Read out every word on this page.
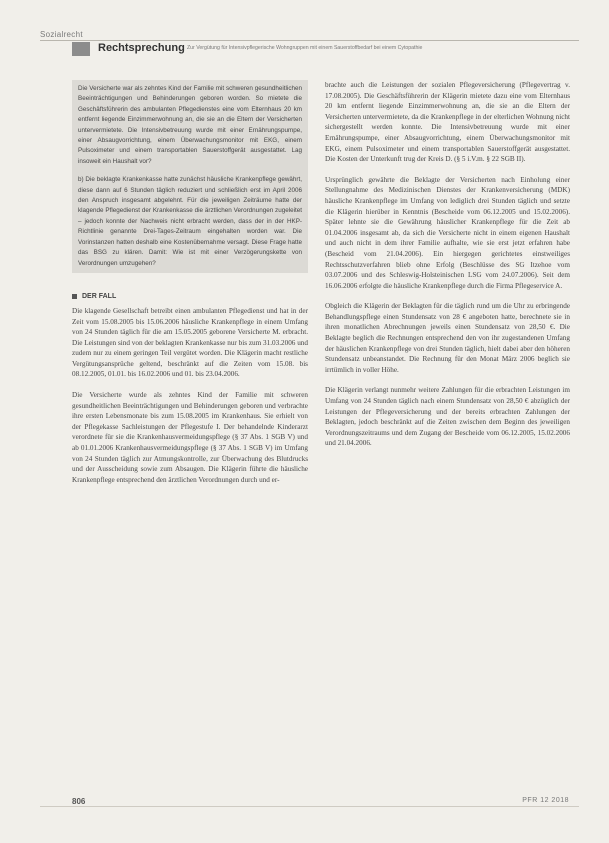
Sozialrecht
Rechtsprechung Zur Vergütung für Intensivpflegerische Wohngruppen mit einem Sauerstoffbedarf bei einem Cytopathie

Die Versicherte war als zehntes Kind der Familie mit schweren gesundheitlichen Beeinträchtigungen und Behinderungen geboren worden. So mietete die Geschäftsführerin des ambulanten Pflegedienstes eine vom Elternhaus 20 km entfernt liegende Einzimmerwohnung an, die sie an die Eltern der Versicherten untervermietete. Die Intensivbetreuung wurde mit einer Ernährungspumpe, einer Absaugvorrichtung, einem Überwachungsmonitor mit EKG, einem Pulsoximeter und einem transportablen Sauerstoffgerät ausgestattet. Lag insoweit ein Haushalt vor?

b) Die beklagte Krankenkasse hatte zunächst häusliche Krankenpflege gewährt, diese dann auf 6 Stunden täglich reduziert und schließlich erst im April 2006 den Anspruch insgesamt abgelehnt. Für die jeweiligen Zeiträume hatte der klagende Pflegedienst der Krankenkasse die ärztlichen Verordnungen zugeleitet – jedoch konnte der Nachweis nicht erbracht werden, dass der in der HKP-Richtlinie genannte Drei-Tages-Zeitraum eingehalten worden war. Die Vorinstanzen hatten deshalb eine Kostenübernahme versagt. Diese Frage hatte das BSG zu klären. Damit: Wie ist mit einer Verzögerungskette von Verordnungen umzugehen?

DER FALL

Die klagende Gesellschaft betreibt einen ambulanten Pflegedienst und hat in der Zeit vom 15.08.2005 bis 15.06.2006 häusliche Krankenpflege in einem Umfang von 24 Stunden täglich für die am 15.05.2005 geborene Versicherte M. erbracht. Die Leistungen sind von der beklagten Krankenkasse nur bis zum 31.03.2006 und zudem nur zu einem geringen Teil vergütet worden. Die Klägerin macht restliche Vergütungsansprüche geltend, beschränkt auf die Zeiten vom 15.08. bis 08.12.2005, 01.01. bis 16.02.2006 und 01. bis 23.04.2006.

Die Versicherte wurde als zehntes Kind der Familie mit schweren gesundheitlichen Beeinträchtigungen und Behinderungen geboren und verbrachte ihre ersten Lebensmonate bis zum 15.08.2005 im Krankenhaus. Sie erhielt von der Pflegekasse Sachleistungen der Pflegestufe I. Der behandelnde Kinderarzt verordnete für sie die Krankenhausvermeidungspflege (§ 37 Abs. 1 SGB V) und ab 01.01.2006 Krankenhausvermeidungspflege (§ 37 Abs. 1 SGB V) im Umfang von 24 Stunden täglich zur Atmungskontrolle, zur Überwachung des Blutdrucks und der Ausscheidung sowie zum Absaugen. Die Klägerin führte die häusliche Krankenpflege entsprechend den ärztlichen Verordnungen durch und er-

brachte auch die Leistungen der sozialen Pflegeversicherung (Pflegevertrag v. 17.08.2005). Die Geschäftsführerin der Klägerin mietete dazu eine vom Elternhaus 20 km entfernt liegende Einzimmerwohnung an, die sie an die Eltern der Versicherten untervermietete, da die Krankenpflege in der elterlichen Wohnung nicht sichergestellt werden konnte. Die Intensivbetreuung wurde mit einer Ernährungspumpe, einer Absaugvorrichtung, einem Überwachungsmonitor mit EKG, einem Pulsoximeter und einem transportablen Sauerstoffgerät ausgestattet. Die Kosten der Unterkunft trug der Kreis D. (§ 5 i.V.m. § 22 SGB II).

Ursprünglich gewährte die Beklagte der Versicherten nach Einholung einer Stellungnahme des Medizinischen Dienstes der Krankenversicherung (MDK) häusliche Krankenpflege im Umfang von lediglich drei Stunden täglich und setzte die Klägerin hierüber in Kenntnis (Bescheide vom 06.12.2005 und 15.02.2006). Später lehnte sie die Gewährung häuslicher Krankenpflege für die Zeit ab 01.04.2006 insgesamt ab, da sich die Versicherte nicht in einem eigenen Haushalt und auch nicht in dem ihrer Familie aufhalte, wie sie erst jetzt erfahren habe (Bescheid vom 21.04.2006). Ein hiergegen gerichtetes einstweiliges Rechtsschutzverfahren blieb ohne Erfolg (Beschlüsse des SG Itzehoe vom 03.07.2006 und des Schleswig-Holsteinischen LSG vom 24.07.2006). Seit dem 16.06.2006 erfolgte die häusliche Krankenpflege durch die Firma Pflegeservice A.

Obgleich die Klägerin der Beklagten für die täglich rund um die Uhr zu erbringende Behandlungspflege einen Stundensatz von 28 € angeboten hatte, berechnete sie in ihren monatlichen Abrechnungen jeweils einen Stundensatz von 28,50 €. Die Beklagte beglich die Rechnungen entsprechend den von ihr zugestandenen Umfang der häuslichen Krankenpflege von drei Stunden täglich, hielt dabei aber den höheren Stundensatz unbeanstandet. Die Rechnung für den Monat März 2006 beglich sie irrtümlich in voller Höhe.

Die Klägerin verlangt nunmehr weitere Zahlungen für die erbrachten Leistungen im Umfang von 24 Stunden täglich nach einem Stundensatz von 28,50 € abzüglich der Leistungen der Pflegeversicherung und der bereits erbrachten Zahlungen der Beklagten, jedoch beschränkt auf die Zeiten zwischen dem Beginn des jeweiligen Verordnungszeitraums und dem Zugang der Bescheide vom 06.12.2005, 15.02.2006 und 21.04.2006.

806	PFR 12 2018
